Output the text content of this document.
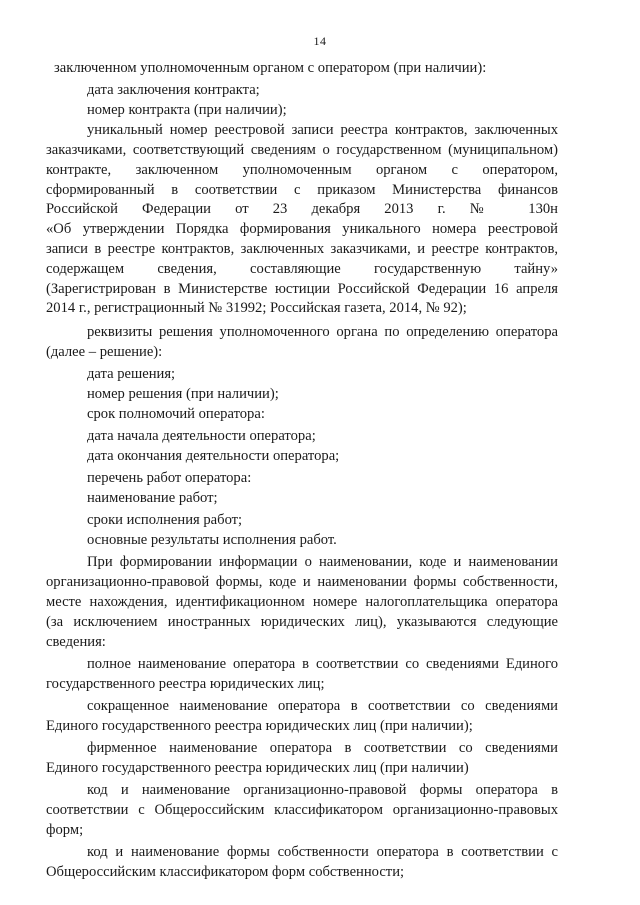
14
заключенном уполномоченным органом с оператором (при наличии):
дата заключения контракта;
номер контракта (при наличии);
уникальный номер реестровой записи реестра контрактов, заключенных
заказчиками, соответствующий сведениям о государственном (муниципальном)
контракте, заключенном уполномоченным органом с оператором,
сформированный в соответствии с приказом Министерства финансов
Российской Федерации от 23 декабря 2013 г. № 130н
«Об утверждении Порядка формирования уникального номера реестровой
записи в реестре контрактов, заключенных заказчиками, и реестре контрактов,
содержащем сведения, составляющие государственную тайну»
(Зарегистрирован в Министерстве юстиции Российской Федерации 16 апреля
2014 г., регистрационный № 31992; Российская газета, 2014, № 92);
реквизиты решения уполномоченного органа по определению оператора
(далее – решение):
дата решения;
номер решения (при наличии);
срок полномочий оператора:
дата начала деятельности оператора;
дата окончания деятельности оператора;
перечень работ оператора:
наименование работ;
сроки исполнения работ;
основные результаты исполнения работ.
При формировании информации о наименовании, коде и наименовании
организационно-правовой формы, коде и наименовании формы собственности,
месте нахождения, идентификационном номере налогоплательщика оператора
(за исключением иностранных юридических лиц), указываются следующие
сведения:
полное наименование оператора в соответствии со сведениями Единого
государственного реестра юридических лиц;
сокращенное наименование оператора в соответствии со сведениями
Единого государственного реестра юридических лиц (при наличии);
фирменное наименование оператора в соответствии со сведениями
Единого государственного реестра юридических лиц (при наличии)
код и наименование организационно-правовой формы оператора в
соответствии с Общероссийским классификатором организационно-правовых
форм;
код и наименование формы собственности оператора в соответствии с
Общероссийским классификатором форм собственности;
